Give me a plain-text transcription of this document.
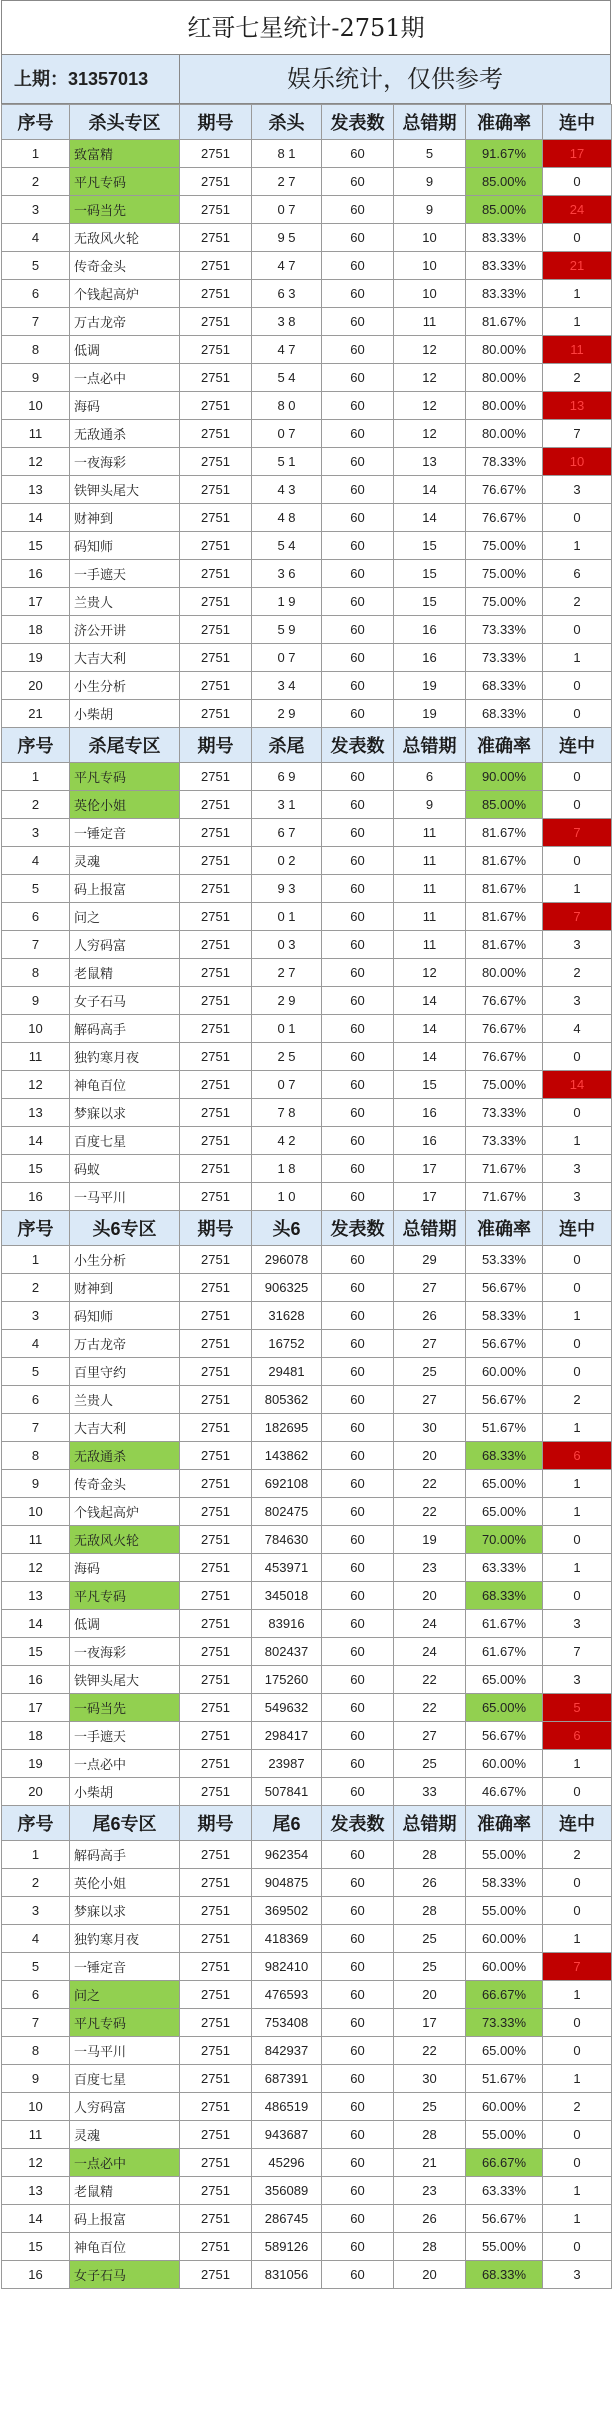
红哥七星统计-2751期
上期：31357013	娱乐统计，仅供参考
序号	杀头专区	期号	杀头	发表数	总错期	准确率	连中
1	致富精	2751	8 1	60	5	91.67%	17
2	平凡专码	2751	2 7	60	9	85.00%	0
3	一码当先	2751	0 7	60	9	85.00%	24
4	无敌风火轮	2751	9 5	60	10	83.33%	0
5	传奇金头	2751	4 7	60	10	83.33%	21
6	个钱起高炉	2751	6 3	60	10	83.33%	1
7	万古龙帝	2751	3 8	60	11	81.67%	1
8	低调	2751	4 7	60	12	80.00%	11
9	一点必中	2751	5 4	60	12	80.00%	2
10	海码	2751	8 0	60	12	80.00%	13
11	无敌通杀	2751	0 7	60	12	80.00%	7
12	一夜海彩	2751	5 1	60	13	78.33%	10
13	铁钾头尾大	2751	4 3	60	14	76.67%	3
14	财神到	2751	4 8	60	14	76.67%	0
15	码知师	2751	5 4	60	15	75.00%	1
16	一手遮天	2751	3 6	60	15	75.00%	6
17	兰贵人	2751	1 9	60	15	75.00%	2
18	济公开讲	2751	5 9	60	16	73.33%	0
19	大吉大利	2751	0 7	60	16	73.33%	1
20	小生分析	2751	3 4	60	19	68.33%	0
21	小柴胡	2751	2 9	60	19	68.33%	0
序号	杀尾专区	期号	杀尾	发表数	总错期	准确率	连中
1	平凡专码	2751	6 9	60	6	90.00%	0
2	英伦小姐	2751	3 1	60	9	85.00%	0
3	一锤定音	2751	6 7	60	11	81.67%	7
4	灵魂	2751	0 2	60	11	81.67%	0
5	码上报富	2751	9 3	60	11	81.67%	1
6	问之	2751	0 1	60	11	81.67%	7
7	人穷码富	2751	0 3	60	11	81.67%	3
8	老鼠精	2751	2 7	60	12	80.00%	2
9	女子石马	2751	2 9	60	14	76.67%	3
10	解码高手	2751	0 1	60	14	76.67%	4
11	独钓寒月夜	2751	2 5	60	14	76.67%	0
12	神龟百位	2751	0 7	60	15	75.00%	14
13	梦寐以求	2751	7 8	60	16	73.33%	0
14	百度七星	2751	4 2	60	16	73.33%	1
15	码蚁	2751	1 8	60	17	71.67%	3
16	一马平川	2751	1 0	60	17	71.67%	3
序号	头6专区	期号	头6	发表数	总错期	准确率	连中
1	小生分析	2751	296078	60	29	53.33%	0
2	财神到	2751	906325	60	27	56.67%	0
3	码知师	2751	31628	60	26	58.33%	1
4	万古龙帝	2751	16752	60	27	56.67%	0
5	百里守约	2751	29481	60	25	60.00%	0
6	兰贵人	2751	805362	60	27	56.67%	2
7	大吉大利	2751	182695	60	30	51.67%	1
8	无敌通杀	2751	143862	60	20	68.33%	6
9	传奇金头	2751	692108	60	22	65.00%	1
10	个钱起高炉	2751	802475	60	22	65.00%	1
11	无敌风火轮	2751	784630	60	19	70.00%	0
12	海码	2751	453971	60	23	63.33%	1
13	平凡专码	2751	345018	60	20	68.33%	0
14	低调	2751	83916	60	24	61.67%	3
15	一夜海彩	2751	802437	60	24	61.67%	7
16	铁钾头尾大	2751	175260	60	22	65.00%	3
17	一码当先	2751	549632	60	22	65.00%	5
18	一手遮天	2751	298417	60	27	56.67%	6
19	一点必中	2751	23987	60	25	60.00%	1
20	小柴胡	2751	507841	60	33	46.67%	0
序号	尾6专区	期号	尾6	发表数	总错期	准确率	连中
1	解码高手	2751	962354	60	28	55.00%	2
2	英伦小姐	2751	904875	60	26	58.33%	0
3	梦寐以求	2751	369502	60	28	55.00%	0
4	独钓寒月夜	2751	418369	60	25	60.00%	1
5	一锤定音	2751	982410	60	25	60.00%	7
6	问之	2751	476593	60	20	66.67%	1
7	平凡专码	2751	753408	60	17	73.33%	0
8	一马平川	2751	842937	60	22	65.00%	0
9	百度七星	2751	687391	60	30	51.67%	1
10	人穷码富	2751	486519	60	25	60.00%	2
11	灵魂	2751	943687	60	28	55.00%	0
12	一点必中	2751	45296	60	21	66.67%	0
13	老鼠精	2751	356089	60	23	63.33%	1
14	码上报富	2751	286745	60	26	56.67%	1
15	神龟百位	2751	589126	60	28	55.00%	0
16	女子石马	2751	831056	60	20	68.33%	3
